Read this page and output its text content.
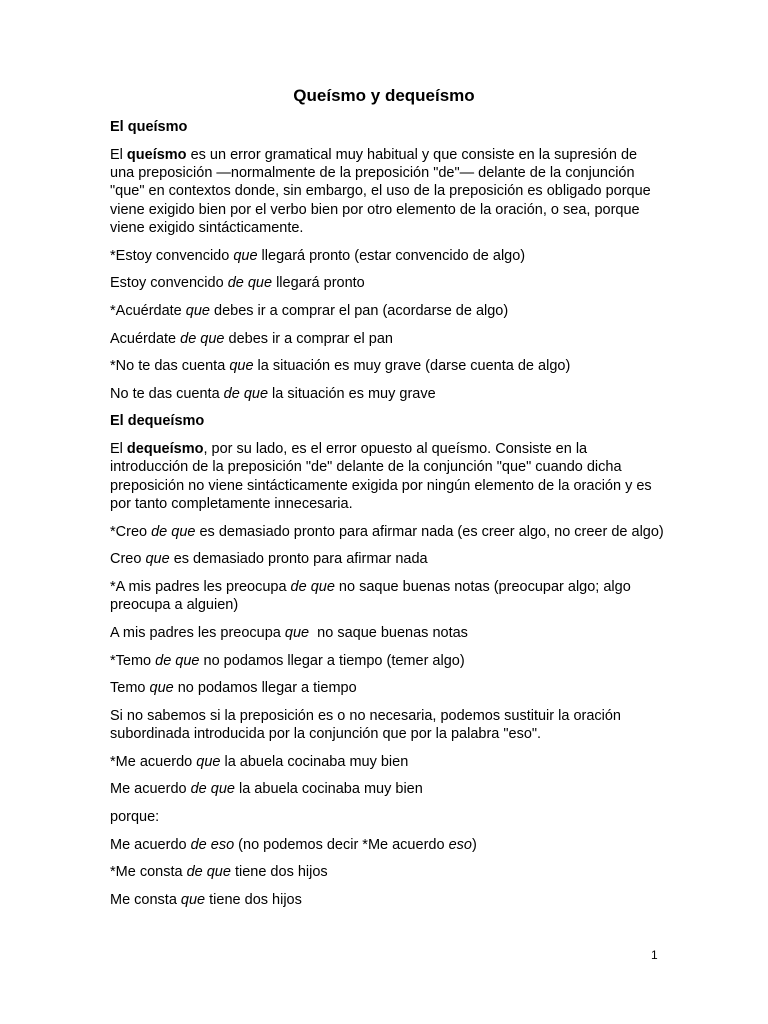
Queísmo y dequeísmo
El queísmo

El queísmo es un error gramatical muy habitual y que consiste en la supresión de una preposición —normalmente de la preposición "de"— delante de la conjunción "que" en contextos donde, sin embargo, el uso de la preposición es obligado porque viene exigido bien por el verbo bien por otro elemento de la oración, o sea, porque viene exigido sintácticamente.

*Estoy convencido que llegará pronto (estar convencido de algo)

Estoy convencido de que llegará pronto

*Acuérdate que debes ir a comprar el pan (acordarse de algo)

Acuérdate de que debes ir a comprar el pan

*No te das cuenta que la situación es muy grave (darse cuenta de algo)

No te das cuenta de que la situación es muy grave

El dequeísmo

El dequeísmo, por su lado, es el error opuesto al queísmo. Consiste en la introducción de la preposición "de" delante de la conjunción "que" cuando dicha preposición no viene sintácticamente exigida por ningún elemento de la oración y es por tanto completamente innecesaria.

*Creo de que es demasiado pronto para afirmar nada (es creer algo, no creer de algo)

Creo que es demasiado pronto para afirmar nada

*A mis padres les preocupa de que no saque buenas notas (preocupar algo; algo preocupa a alguien)

A mis padres les preocupa que  no saque buenas notas

*Temo de que no podamos llegar a tiempo (temer algo)

Temo que no podamos llegar a tiempo

Si no sabemos si la preposición es o no necesaria, podemos sustituir la oración subordinada introducida por la conjunción que por la palabra "eso".

*Me acuerdo que la abuela cocinaba muy bien

Me acuerdo de que la abuela cocinaba muy bien

porque:

Me acuerdo de eso (no podemos decir *Me acuerdo eso)

*Me consta de que tiene dos hijos

Me consta que tiene dos hijos

1
